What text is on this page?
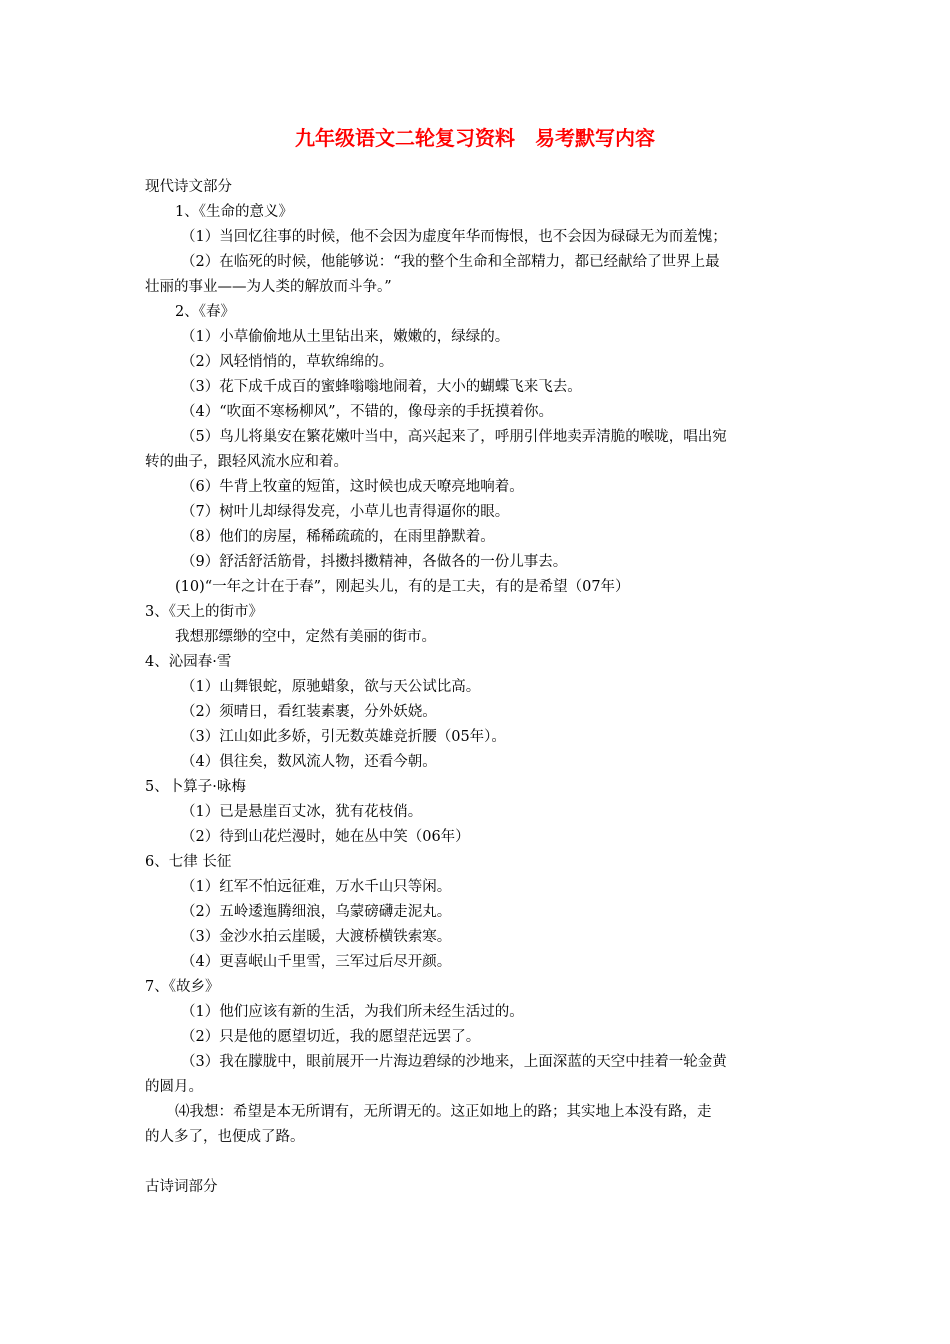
九年级语文二轮复习资料　易考默写内容

现代诗文部分

1、《生命的意义》

（1）当回忆往事的时候，他不会因为虚度年华而悔恨，也不会因为碌碌无为而羞愧；

（2）在临死的时候，他能够说：“我的整个生命和全部精力，都已经献给了世界上最

壮丽的事业——为人类的解放而斗争。”

2、《春》

（1）小草偷偷地从土里钻出来，嫩嫩的，绿绿的。

（2）风轻悄悄的，草软绵绵的。

（3）花下成千成百的蜜蜂嗡嗡地闹着，大小的蝴蝶飞来飞去。

（4）“吹面不寒杨柳风”，不错的，像母亲的手抚摸着你。

（5）鸟儿将巢安在繁花嫩叶当中，高兴起来了，呼朋引伴地卖弄清脆的喉咙，唱出宛

转的曲子，跟轻风流水应和着。

（6）牛背上牧童的短笛，这时候也成天嘹亮地响着。

（7）树叶儿却绿得发亮，小草儿也青得逼你的眼。

（8）他们的房屋，稀稀疏疏的，在雨里静默着。

（9）舒活舒活筋骨，抖擞抖擞精神，各做各的一份儿事去。

(10)“一年之计在于春”，刚起头儿，有的是工夫，有的是希望（07年）

3、《天上的街市》

我想那缥缈的空中，定然有美丽的街市。

4、沁园春·雪

（1）山舞银蛇，原驰蜡象，欲与天公试比高。

（2）须晴日，看红装素裹，分外妖娆。

（3）江山如此多娇，引无数英雄竞折腰（05年）。

（4）俱往矣，数风流人物，还看今朝。

5、卜算子·咏梅

（1）已是悬崖百丈冰，犹有花枝俏。

（2）待到山花烂漫时，她在丛中笑（06年）

6、七律 长征

（1）红军不怕远征难，万水千山只等闲。

（2）五岭逶迤腾细浪，乌蒙磅礴走泥丸。

（3）金沙水拍云崖暖，大渡桥横铁索寒。

（4）更喜岷山千里雪，三军过后尽开颜。

7、《故乡》

（1）他们应该有新的生活，为我们所未经生活过的。

（2）只是他的愿望切近，我的愿望茫远罢了。

（3）我在朦胧中，眼前展开一片海边碧绿的沙地来，上面深蓝的天空中挂着一轮金黄

的圆月。

⑷我想：希望是本无所谓有，无所谓无的。这正如地上的路；其实地上本没有路，走

的人多了，也便成了路。

古诗词部分
